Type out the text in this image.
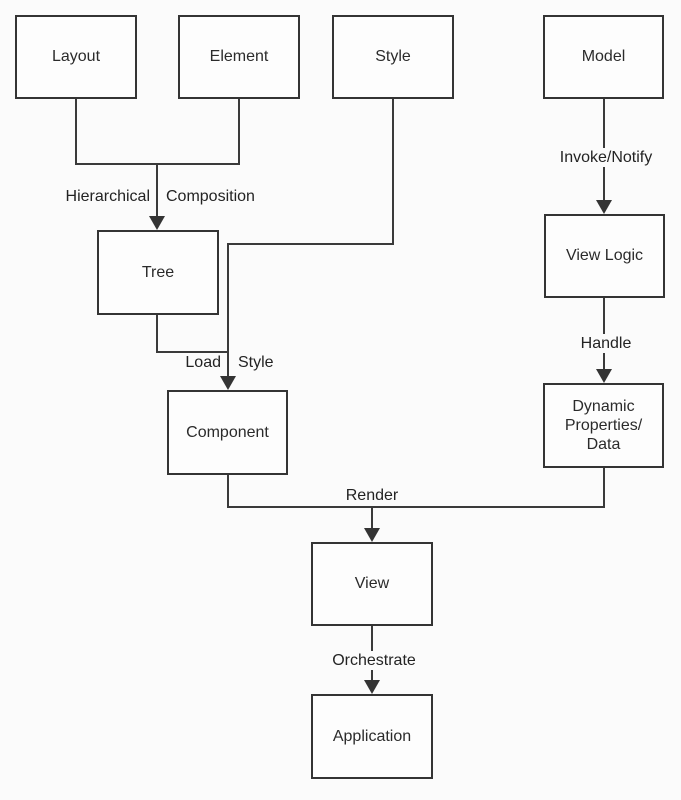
Layout	Element	Style	Model
Tree
View Logic
Component
Dynamic Properties/ Data
View
Application
Hierarchical Composition
Load Style
Invoke/Notify
Handle
Render
Orchestrate
